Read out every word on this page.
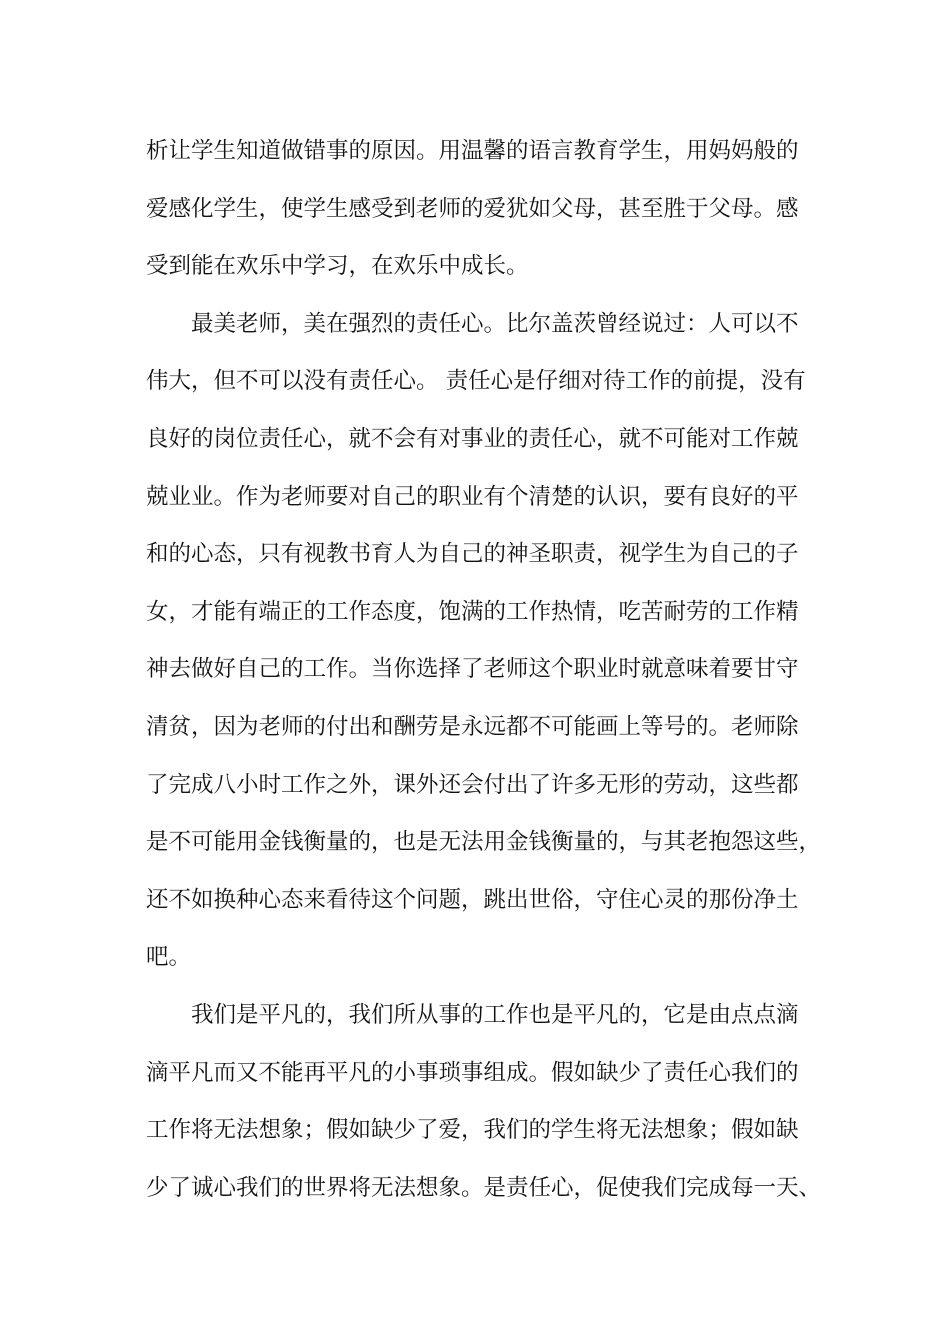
析让学生知道做错事的原因。用温馨的语言教育学生，用妈妈般的
爱感化学生，使学生感受到老师的爱犹如父母，甚至胜于父母。感
受到能在欢乐中学习，在欢乐中成长。
最美老师，美在强烈的责任心。比尔盖茨曾经说过：人可以不
伟大，但不可以没有责任心。 责任心是仔细对待工作的前提，没有
良好的岗位责任心，就不会有对事业的责任心，就不可能对工作兢
兢业业。作为老师要对自己的职业有个清楚的认识，要有良好的平
和的心态，只有视教书育人为自己的神圣职责，视学生为自己的子
女，才能有端正的工作态度，饱满的工作热情，吃苦耐劳的工作精
神去做好自己的工作。当你选择了老师这个职业时就意味着要甘守
清贫，因为老师的付出和酬劳是永远都不可能画上等号的。老师除
了完成八小时工作之外，课外还会付出了许多无形的劳动，这些都
是不可能用金钱衡量的，也是无法用金钱衡量的，与其老抱怨这些，
还不如换种心态来看待这个问题，跳出世俗，守住心灵的那份净土
吧。
我们是平凡的，我们所从事的工作也是平凡的，它是由点点滴
滴平凡而又不能再平凡的小事琐事组成。假如缺少了责任心我们的
工作将无法想象；假如缺少了爱，我们的学生将无法想象；假如缺
少了诚心我们的世界将无法想象。是责任心，促使我们完成每一天、
